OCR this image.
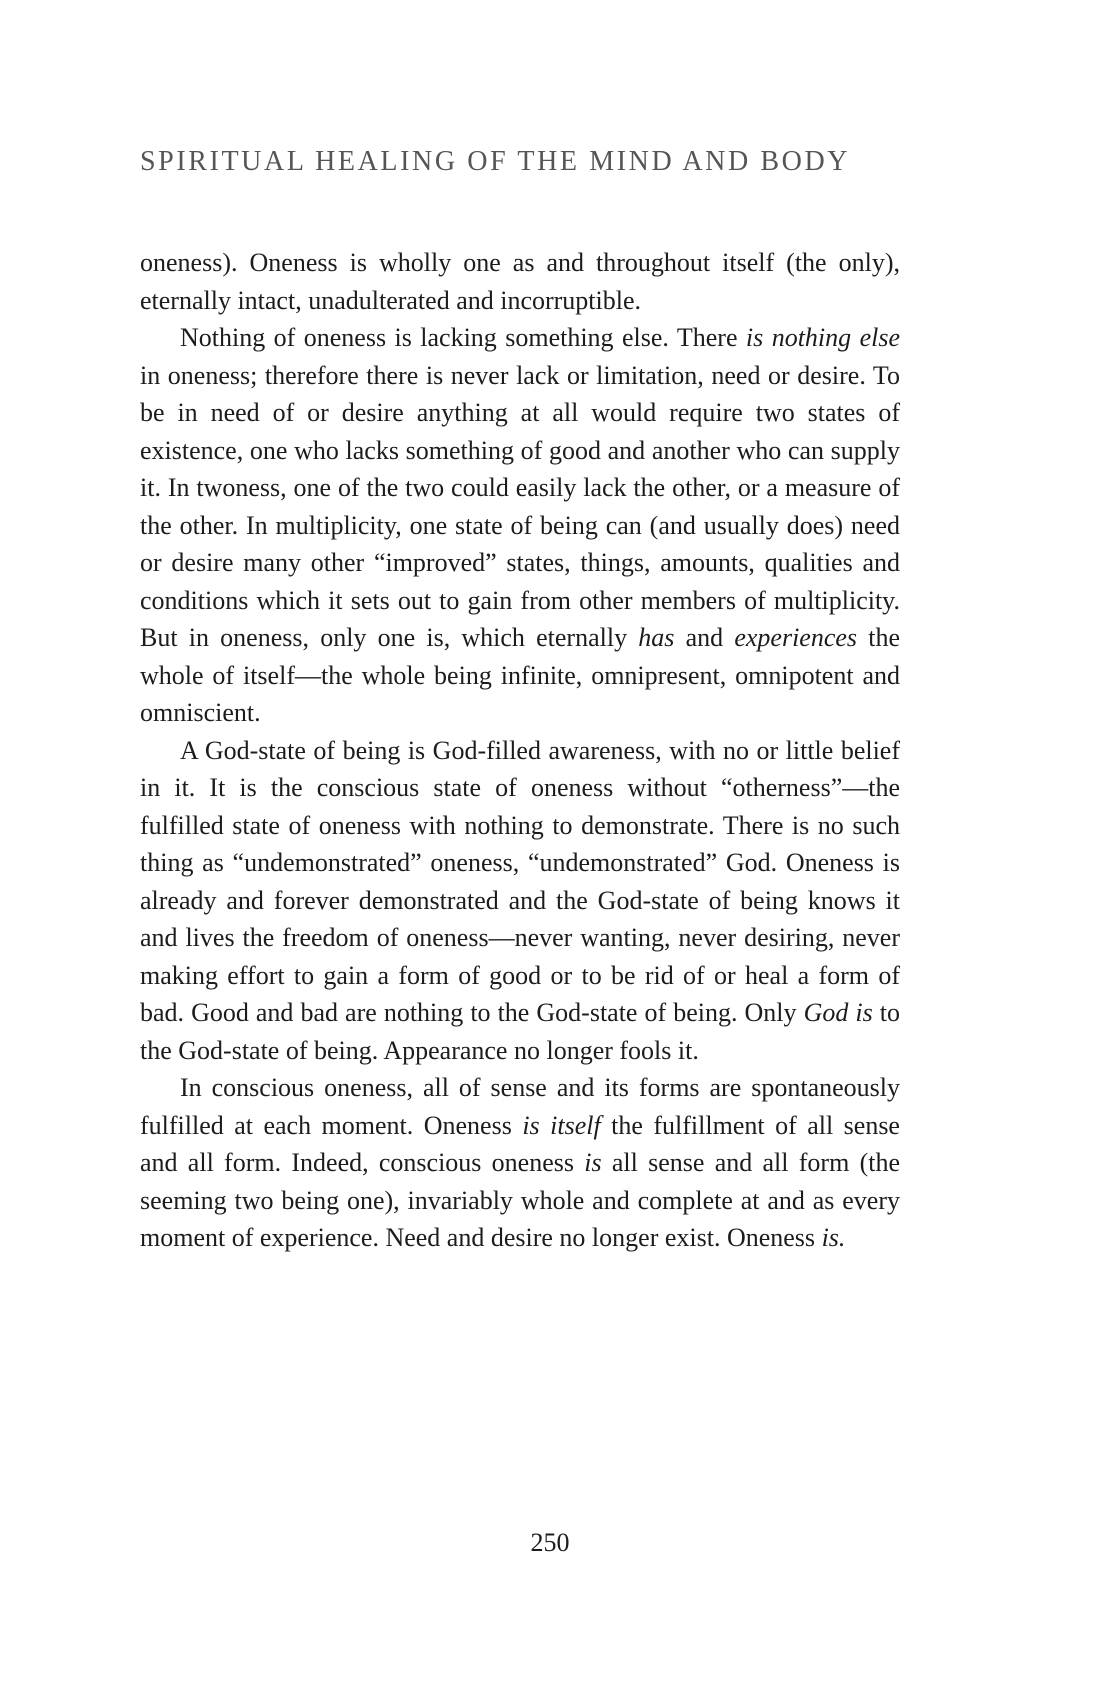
SPIRITUAL HEALING OF THE MIND AND BODY

oneness). Oneness is wholly one as and throughout itself (the only), eternally intact, unadulterated and incorruptible.

Nothing of oneness is lacking something else. There is nothing else in oneness; therefore there is never lack or limitation, need or desire. To be in need of or desire anything at all would require two states of existence, one who lacks something of good and another who can supply it. In twoness, one of the two could easily lack the other, or a measure of the other. In multiplicity, one state of being can (and usually does) need or desire many other “improved” states, things, amounts, qualities and conditions which it sets out to gain from other members of multiplicity. But in oneness, only one is, which eternally has and experiences the whole of itself—the whole being infinite, omnipresent, omnipotent and omniscient.

A God-state of being is God-filled awareness, with no or little belief in it. It is the conscious state of oneness without “otherness”—the fulfilled state of oneness with nothing to demonstrate. There is no such thing as “undemonstrated” oneness, “undemonstrated” God. Oneness is already and forever demonstrated and the God-state of being knows it and lives the freedom of oneness—never wanting, never desiring, never making effort to gain a form of good or to be rid of or heal a form of bad. Good and bad are nothing to the God-state of being. Only God is to the God-state of being. Appearance no longer fools it.

In conscious oneness, all of sense and its forms are spontaneously fulfilled at each moment. Oneness is itself the fulfillment of all sense and all form. Indeed, conscious oneness is all sense and all form (the seeming two being one), invariably whole and complete at and as every moment of experience. Need and desire no longer exist. Oneness is.

250
